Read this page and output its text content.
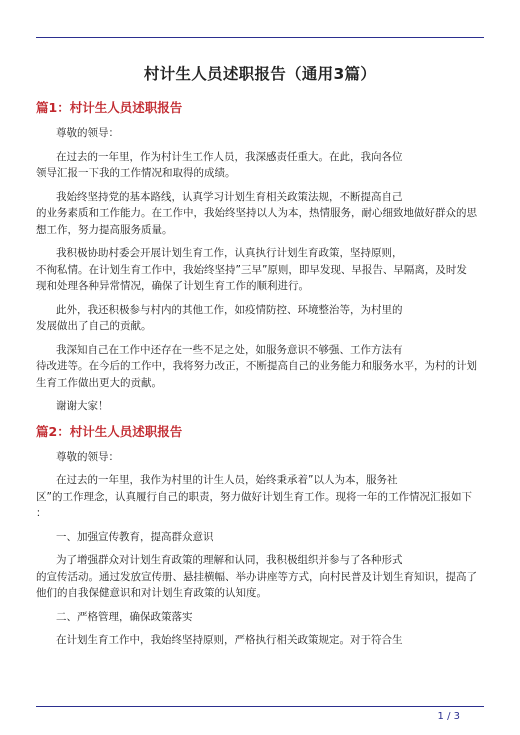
村计生人员述职报告（通用3篇）
篇1：村计生人员述职报告
尊敬的领导：
在过去的一年里，作为村计生工作人员，我深感责任重大。在此，我向各位
领导汇报一下我的工作情况和取得的成绩。
我始终坚持党的基本路线，认真学习计划生育相关政策法规，不断提高自己
的业务素质和工作能力。在工作中，我始终坚持以人为本，热情服务，耐心细致地做好群众的思
想工作，努力提高服务质量。
我积极协助村委会开展计划生育工作，认真执行计划生育政策，坚持原则，
不徇私情。在计划生育工作中，我始终坚持”三早”原则，即早发现、早报告、早隔离，及时发
现和处理各种异常情况，确保了计划生育工作的顺利进行。
此外，我还积极参与村内的其他工作，如疫情防控、环境整治等，为村里的
发展做出了自己的贡献。
我深知自己在工作中还存在一些不足之处，如服务意识不够强、工作方法有
待改进等。在今后的工作中，我将努力改正，不断提高自己的业务能力和服务水平，为村的计划
生育工作做出更大的贡献。
谢谢大家！
篇2：村计生人员述职报告
尊敬的领导：
在过去的一年里，我作为村里的计生人员，始终秉承着”以人为本，服务社
区”的工作理念，认真履行自己的职责，努力做好计划生育工作。现将一年的工作情况汇报如下
：
一、加强宣传教育，提高群众意识
为了增强群众对计划生育政策的理解和认同，我积极组织并参与了各种形式
的宣传活动。通过发放宣传册、悬挂横幅、举办讲座等方式，向村民普及计划生育知识，提高了
他们的自我保健意识和对计划生育政策的认知度。
二、严格管理，确保政策落实
在计划生育工作中，我始终坚持原则，严格执行相关政策规定。对于符合生
1 / 3
